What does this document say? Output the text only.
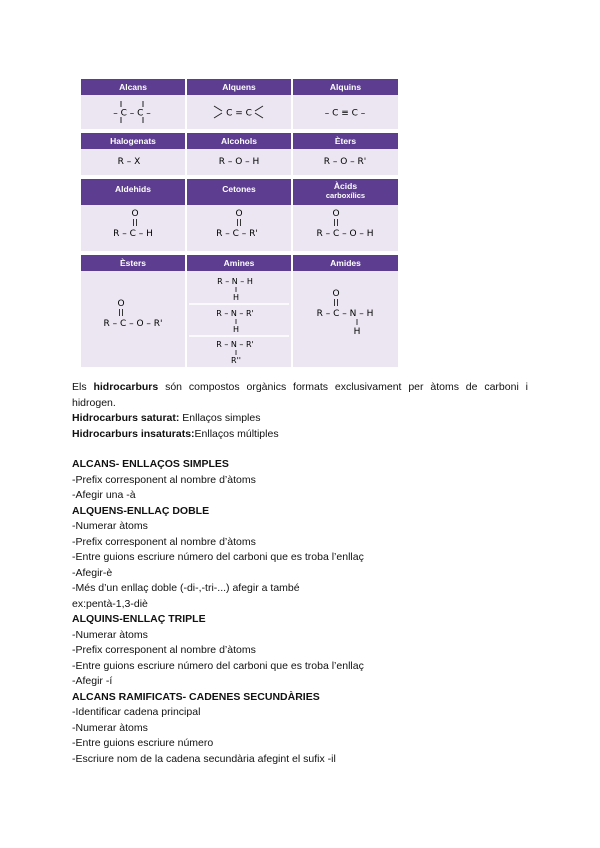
Alcans
– C – C –
Alquens
C = C
Alquins
– C ≡ C –
Halogenats
R – X
Alcohols
R – O – H
Èters
R – O – R'
Aldehids
O
R – C – H
Cetones
O
R – C – R'
Àcids
carboxílics
O
R – C – O – H
Èsters
O
R – C – O – R'
Amines
R – N – H
H
R – N – R'
H
R – N – R'
R''
Amides
O
R – C – N – H
H

Els hidrocarburs són compostos orgànics formats exclusivament per àtoms de carboni i hidrogen.

Hidrocarburs saturat: Enllaços simples

Hidrocarburs insaturats:Enllaços múltiples

ALCANS- ENLLAÇOS SIMPLES

-Prefix corresponent al nombre d’àtoms

-Afegir una -à

ALQUENS-ENLLAÇ DOBLE

-Numerar àtoms

-Prefix corresponent al nombre d’àtoms

-Entre guions escriure número del carboni que es troba l’enllaç

-Afegir-è

-Més d’un enllaç doble (-di-,-tri-...) afegir a també

ex:pentà-1,3-diè

ALQUINS-ENLLAÇ TRIPLE

-Numerar àtoms

-Prefix corresponent al nombre d’àtoms

-Entre guions escriure número del carboni que es troba l’enllaç

-Afegir -í

ALCANS RAMIFICATS- CADENES SECUNDÀRIES

-Identificar cadena principal

-Numerar àtoms

-Entre guions escriure número

-Escriure nom de la cadena secundària afegint el sufix -il
